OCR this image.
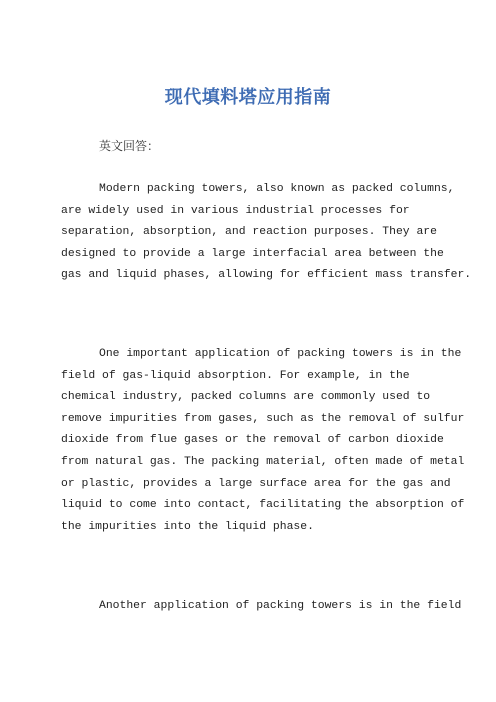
现代填料塔应用指南
英文回答：
Modern packing towers, also known as packed columns,
are widely used in various industrial processes for
separation, absorption, and reaction purposes. They are
designed to provide a large interfacial area between the
gas and liquid phases, allowing for efficient mass transfer.
One important application of packing towers is in the
field of gas-liquid absorption. For example, in the
chemical industry, packed columns are commonly used to
remove impurities from gases, such as the removal of sulfur
dioxide from flue gases or the removal of carbon dioxide
from natural gas. The packing material, often made of metal
or plastic, provides a large surface area for the gas and
liquid to come into contact, facilitating the absorption of
the impurities into the liquid phase.
Another application of packing towers is in the field
